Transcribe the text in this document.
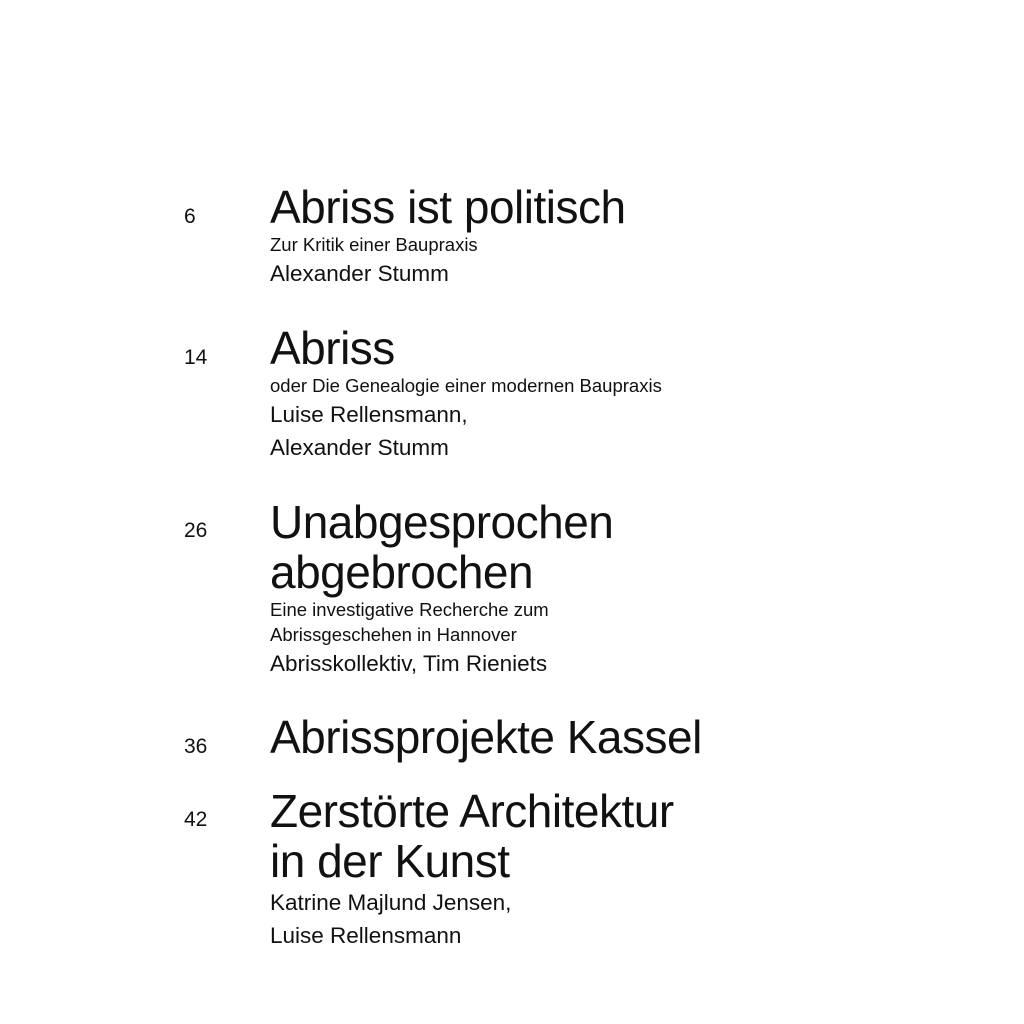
6 Abriss ist politisch

Zur Kritik einer Baupraxis

Alexander Stumm

14 Abriss

oder Die Genealogie einer modernen Baupraxis

Luise Rellensmann,
Alexander Stumm

26 Unabgesprochen
abgebrochen

Eine investigative Recherche zum
Abrissgeschehen in Hannover

Abrisskollektiv, Tim Rieniets

36 Abrissprojekte Kassel
42 Zerstörte Architektur
in der Kunst

Katrine Majlund Jensen,
Luise Rellensmann
